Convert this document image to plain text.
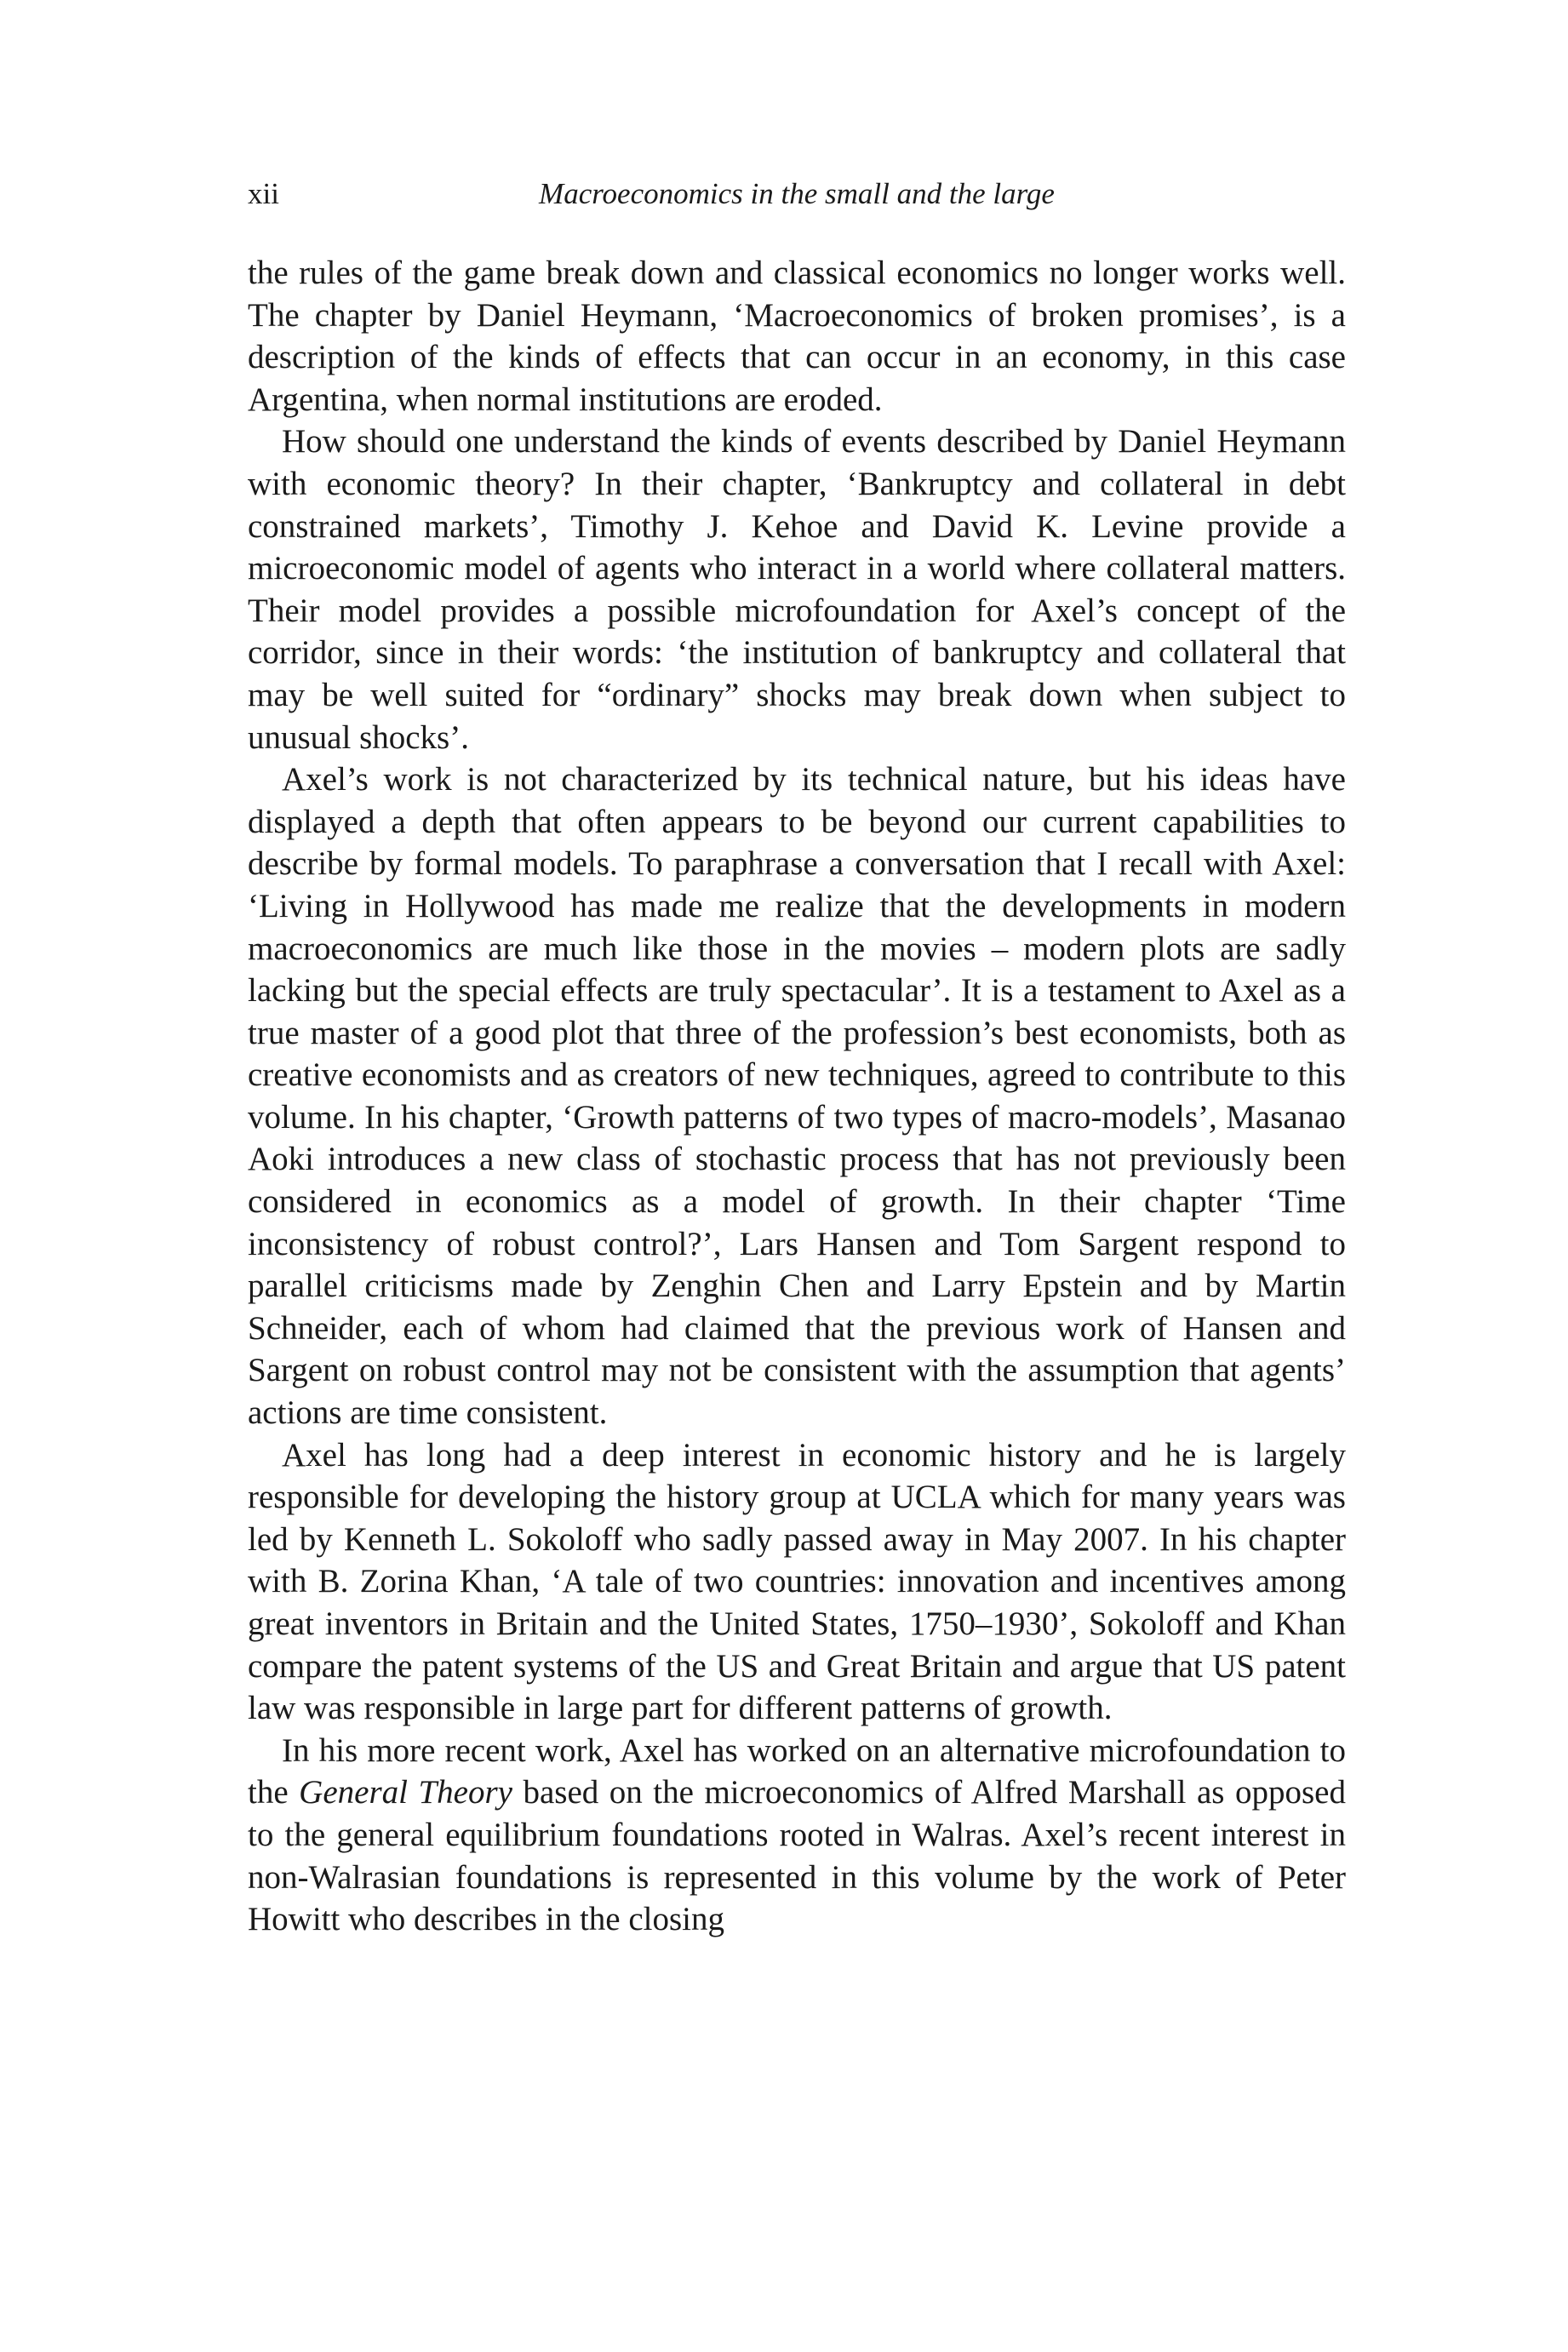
xii	Macroeconomics in the small and the large

the rules of the game break down and classical economics no longer works well. The chapter by Daniel Heymann, ‘Macroeconomics of broken promises’, is a description of the kinds of effects that can occur in an economy, in this case Argentina, when normal institutions are eroded.

How should one understand the kinds of events described by Daniel Heymann with economic theory? In their chapter, ‘Bankruptcy and collateral in debt constrained markets’, Timothy J. Kehoe and David K. Levine provide a microeconomic model of agents who interact in a world where collateral matters. Their model provides a possible microfoundation for Axel’s concept of the corridor, since in their words: ‘the institution of bankruptcy and collateral that may be well suited for “ordinary” shocks may break down when subject to unusual shocks’.

Axel’s work is not characterized by its technical nature, but his ideas have displayed a depth that often appears to be beyond our current capabilities to describe by formal models. To paraphrase a conversation that I recall with Axel: ‘Living in Hollywood has made me realize that the developments in modern macroeconomics are much like those in the movies – modern plots are sadly lacking but the special effects are truly spectacular’. It is a testament to Axel as a true master of a good plot that three of the profession’s best economists, both as creative economists and as creators of new techniques, agreed to contribute to this volume. In his chapter, ‘Growth patterns of two types of macro-models’, Masanao Aoki introduces a new class of stochastic process that has not previously been considered in economics as a model of growth. In their chapter ‘Time inconsistency of robust control?’, Lars Hansen and Tom Sargent respond to parallel criticisms made by Zenghin Chen and Larry Epstein and by Martin Schneider, each of whom had claimed that the previous work of Hansen and Sargent on robust control may not be consistent with the assumption that agents’ actions are time consistent.

Axel has long had a deep interest in economic history and he is largely responsible for developing the history group at UCLA which for many years was led by Kenneth L. Sokoloff who sadly passed away in May 2007. In his chapter with B. Zorina Khan, ‘A tale of two countries: innovation and incentives among great inventors in Britain and the United States, 1750–1930’, Sokoloff and Khan compare the patent systems of the US and Great Britain and argue that US patent law was responsible in large part for different patterns of growth.

In his more recent work, Axel has worked on an alternative microfoundation to the General Theory based on the microeconomics of Alfred Marshall as opposed to the general equilibrium foundations rooted in Walras. Axel’s recent interest in non-Walrasian foundations is represented in this volume by the work of Peter Howitt who describes in the closing
